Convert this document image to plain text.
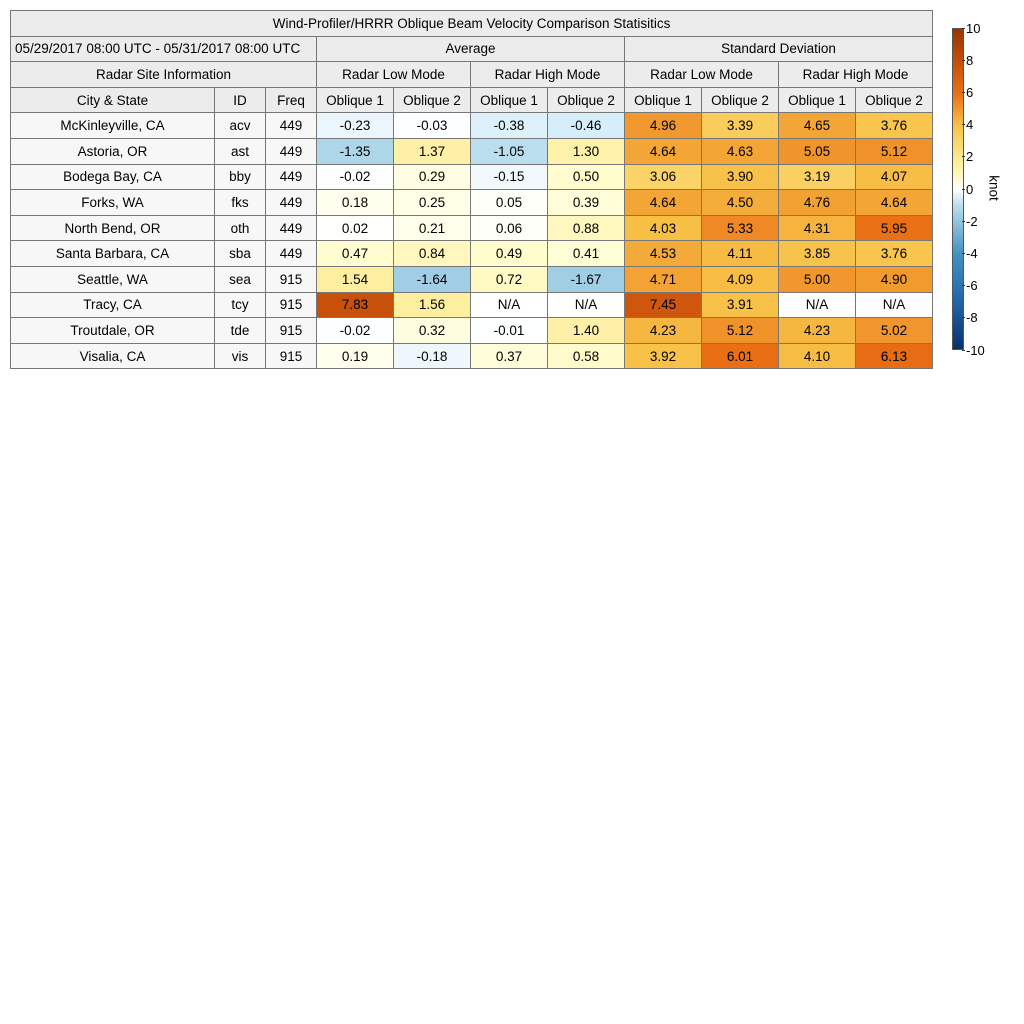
Wind-Profiler/HRRR Oblique Beam Velocity Comparison Statisitics										
05/29/2017 08:00 UTC - 05/31/2017 08:00 UTC			Average				Standard Deviation			
Radar Site Information			Radar Low Mode		Radar High Mode		Radar Low Mode		Radar High Mode	
City & State	ID	Freq	Oblique 1	Oblique 2	Oblique 1	Oblique 2	Oblique 1	Oblique 2	Oblique 1	Oblique 2
McKinleyville, CA	acv	449	-0.23	-0.03	-0.38	-0.46	4.96	3.39	4.65	3.76
Astoria, OR	ast	449	-1.35	1.37	-1.05	1.30	4.64	4.63	5.05	5.12
Bodega Bay, CA	bby	449	-0.02	0.29	-0.15	0.50	3.06	3.90	3.19	4.07
Forks, WA	fks	449	0.18	0.25	0.05	0.39	4.64	4.50	4.76	4.64
North Bend, OR	oth	449	0.02	0.21	0.06	0.88	4.03	5.33	4.31	5.95
Santa Barbara, CA	sba	449	0.47	0.84	0.49	0.41	4.53	4.11	3.85	3.76
Seattle, WA	sea	915	1.54	-1.64	0.72	-1.67	4.71	4.09	5.00	4.90
Tracy, CA	tcy	915	7.83	1.56	N/A	N/A	7.45	3.91	N/A	N/A
Troutdale, OR	tde	915	-0.02	0.32	-0.01	1.40	4.23	5.12	4.23	5.02
Visalia, CA	vis	915	0.19	-0.18	0.37	0.58	3.92	6.01	4.10	6.13
10
8
6
4
2
0
-2
-4
-6
-8
-10
knot
